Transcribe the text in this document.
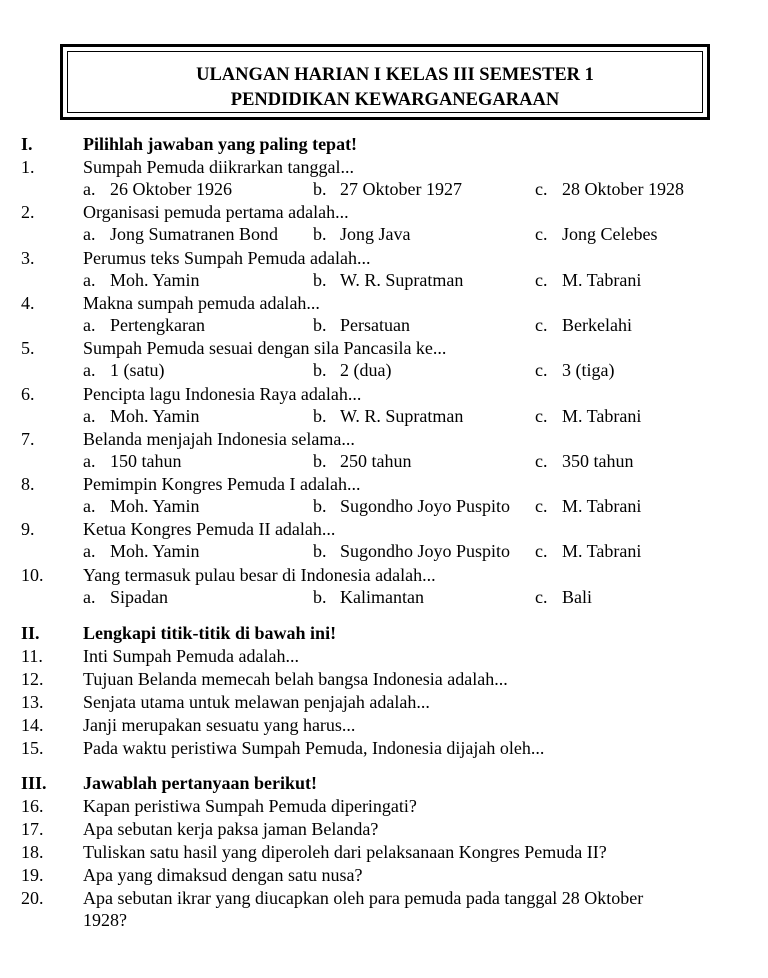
ULANGAN HARIAN I KELAS III SEMESTER 1
PENDIDIKAN KEWARGANEGARAAN
I.	Pilihlah jawaban yang paling tepat!
1.	Sumpah Pemuda diikrarkan tanggal...
a. 26 Oktober 1926	b. 27 Oktober 1927	c. 28 Oktober 1928
2.	Organisasi pemuda pertama adalah...
a. Jong Sumatranen Bond b. Jong Java	c. Jong Celebes
3.	Perumus teks Sumpah Pemuda adalah...
a. Moh. Yamin	b. W. R. Supratman	c. M. Tabrani
4.	Makna sumpah pemuda adalah...
a. Pertengkaran	b. Persatuan	c. Berkelahi
5.	Sumpah Pemuda sesuai dengan sila Pancasila ke...
a. 1 (satu)	b. 2 (dua)	c. 3 (tiga)
6.	Pencipta lagu Indonesia Raya adalah...
a. Moh. Yamin	b. W. R. Supratman	c. M. Tabrani
7.	Belanda menjajah Indonesia selama...
a. 150 tahun	b. 250 tahun	c. 350 tahun
8.	Pemimpin Kongres Pemuda I adalah...
a. Moh. Yamin	b. Sugondho Joyo Puspito c. M. Tabrani
9.	Ketua Kongres Pemuda II adalah...
a. Moh. Yamin	b. Sugondho Joyo Puspito c. M. Tabrani
10. Yang termasuk pulau besar di Indonesia adalah...
a. Sipadan	b. Kalimantan	c. Bali
II. Lengkapi titik-titik di bawah ini!
11. Inti Sumpah Pemuda adalah...
12. Tujuan Belanda memecah belah bangsa Indonesia adalah...
13. Senjata utama untuk melawan penjajah adalah...
14. Janji merupakan sesuatu yang harus...
15. Pada waktu peristiwa Sumpah Pemuda, Indonesia dijajah oleh...
III. Jawablah pertanyaan berikut!
16. Kapan peristiwa Sumpah Pemuda diperingati?
17. Apa sebutan kerja paksa jaman Belanda?
18. Tuliskan satu hasil yang diperoleh dari pelaksanaan Kongres Pemuda II?
19. Apa yang dimaksud dengan satu nusa?
20. Apa sebutan ikrar yang diucapkan oleh para pemuda pada tanggal 28 Oktober
1928?
